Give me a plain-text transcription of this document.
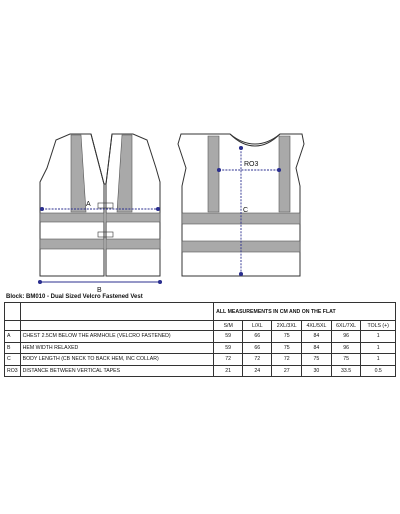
A
B
RO3
C
Block: BM010 - Dual Sized Velcro Fastened Vest
		ALL MEASUREMENTS IN CM AND ON THE FLAT					
		S/M	L/XL	2XL/3XL	4XL/5XL	6XL/7XL	TOLS (+)
A	CHEST 2.5CM BELOW THE ARMHOLE (VELCRO FASTENED)	59	66	75	84	96	1
B	HEM WIDTH RELAXED	59	66	75	84	96	1
C	BODY LENGTH (CB NECK TO BACK HEM, INC COLLAR)	72	72	72	75	75	1
RO3	DISTANCE BETWEEN VERTICAL TAPES	21	24	27	30	33.5	0.5
